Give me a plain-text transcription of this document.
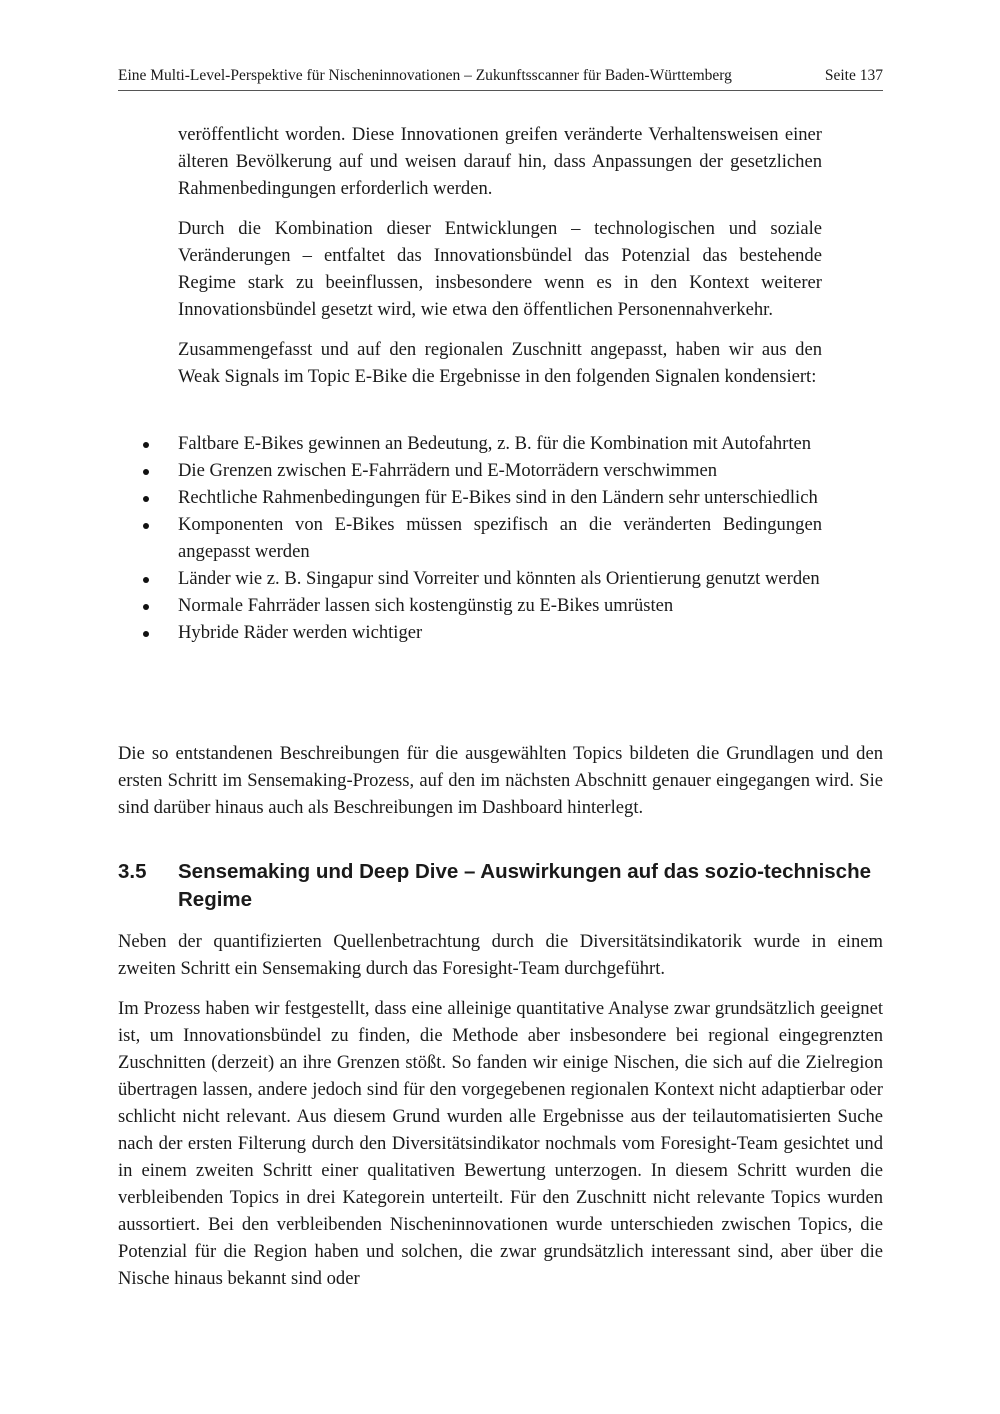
Eine Multi-Level-Perspektive für Nischeninnovationen – Zukunftsscanner für Baden-Württemberg	Seite 137

veröffentlicht worden. Diese Innovationen greifen veränderte Verhaltensweisen einer älteren Bevölkerung auf und weisen darauf hin, dass Anpassungen der gesetzlichen Rahmenbedingungen erforderlich werden.

Durch die Kombination dieser Entwicklungen – technologischen und soziale Veränderungen – entfaltet das Innovationsbündel das Potenzial das bestehende Regime stark zu beeinflussen, insbesondere wenn es in den Kontext weiterer Innovationsbündel gesetzt wird, wie etwa den öffentlichen Personennahverkehr.

Zusammengefasst und auf den regionalen Zuschnitt angepasst, haben wir aus den Weak Signals im Topic E-Bike die Ergebnisse in den folgenden Signalen kondensiert:

Faltbare E-Bikes gewinnen an Bedeutung, z. B. für die Kombination mit Autofahrten
Die Grenzen zwischen E-Fahrrädern und E-Motorrädern verschwimmen
Rechtliche Rahmenbedingungen für E-Bikes sind in den Ländern sehr unterschiedlich
Komponenten von E-Bikes müssen spezifisch an die veränderten Bedingungen angepasst werden
Länder wie z. B. Singapur sind Vorreiter und könnten als Orientierung genutzt werden
Normale Fahrräder lassen sich kostengünstig zu E-Bikes umrüsten
Hybride Räder werden wichtiger

Die so entstandenen Beschreibungen für die ausgewählten Topics bildeten die Grundlagen und den ersten Schritt im Sensemaking-Prozess, auf den im nächsten Abschnitt genauer eingegangen wird. Sie sind darüber hinaus auch als Beschreibungen im Dashboard hinterlegt.

3.5	Sensemaking und Deep Dive – Auswirkungen auf das sozio-technische Regime

Neben der quantifizierten Quellenbetrachtung durch die Diversitätsindikatorik wurde in einem zweiten Schritt ein Sensemaking durch das Foresight-Team durchgeführt.

Im Prozess haben wir festgestellt, dass eine alleinige quantitative Analyse zwar grundsätzlich geeignet ist, um Innovationsbündel zu finden, die Methode aber insbesondere bei regional eingegrenzten Zuschnitten (derzeit) an ihre Grenzen stößt. So fanden wir einige Nischen, die sich auf die Zielregion übertragen lassen, andere jedoch sind für den vorgegebenen regionalen Kontext nicht adaptierbar oder schlicht nicht relevant. Aus diesem Grund wurden alle Ergebnisse aus der teilautomatisierten Suche nach der ersten Filterung durch den Diversitätsindikator nochmals vom Foresight-Team gesichtet und in einem zweiten Schritt einer qualitativen Bewertung unterzogen. In diesem Schritt wurden die verbleibenden Topics in drei Kategorein unterteilt. Für den Zuschnitt nicht relevante Topics wurden aussortiert. Bei den verbleibenden Nischeninnovationen wurde unterschieden zwischen Topics, die Potenzial für die Region haben und solchen, die zwar grundsätzlich interessant sind, aber über die Nische hinaus bekannt sind oder
